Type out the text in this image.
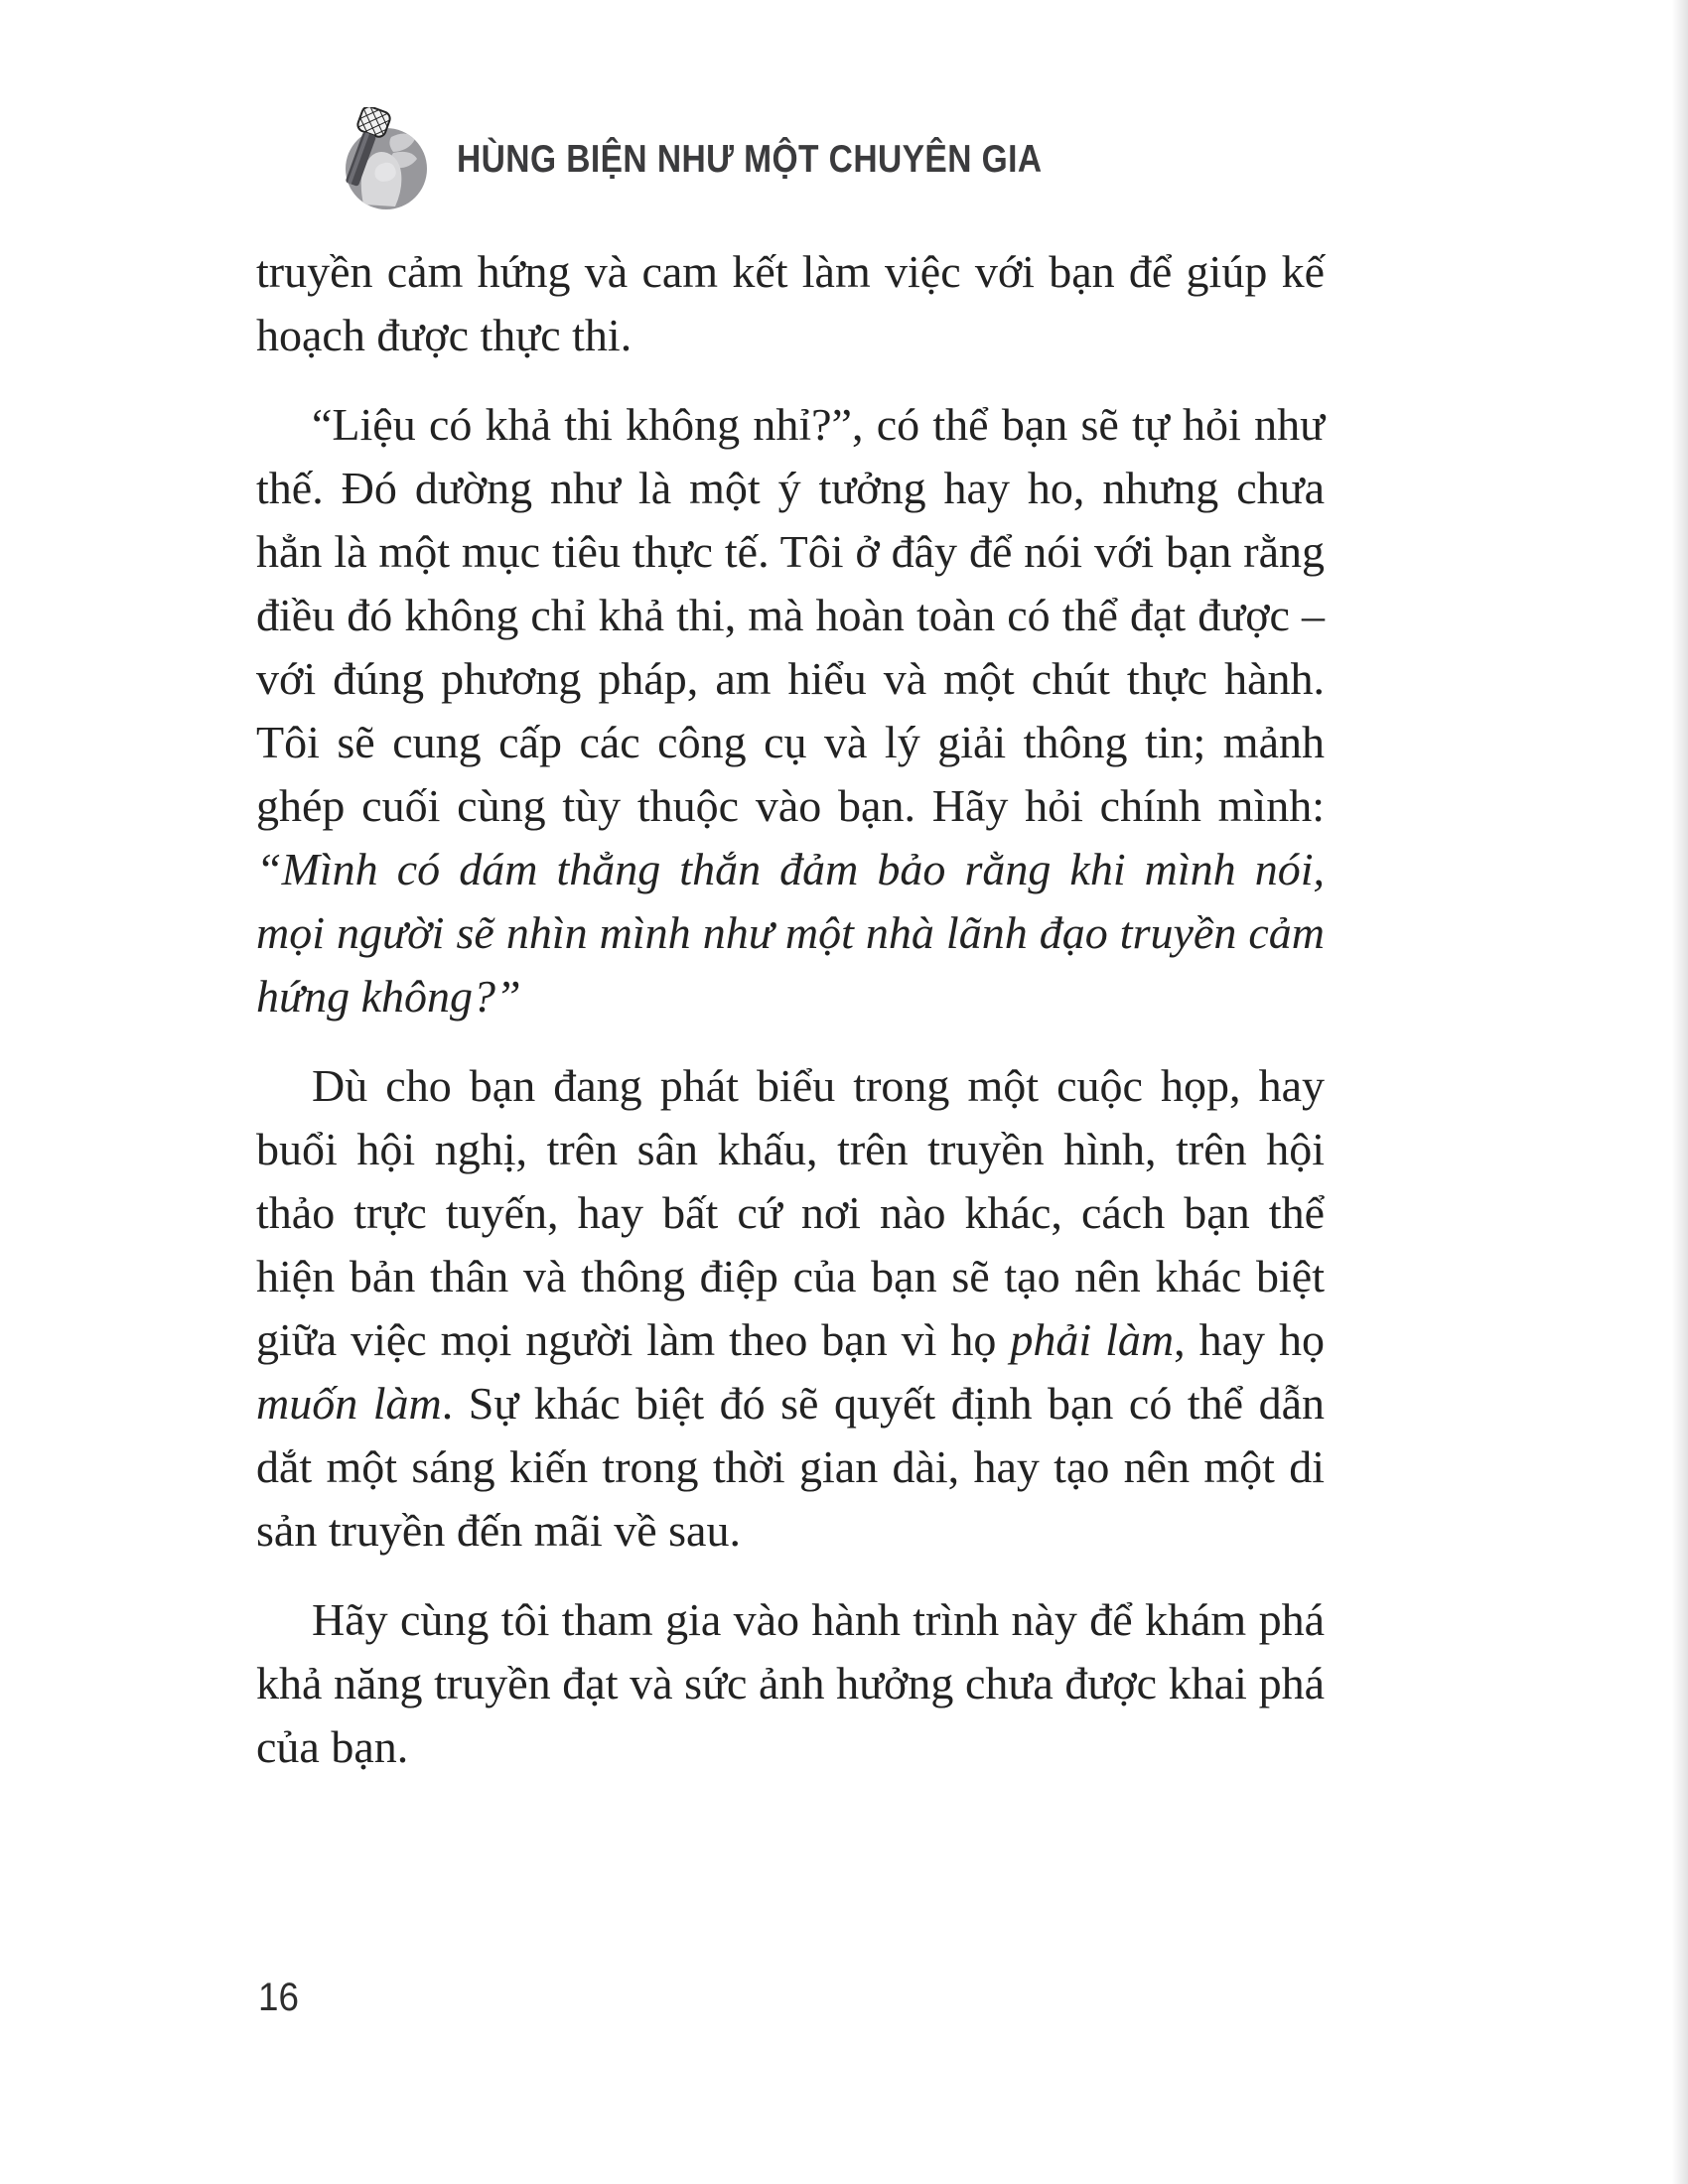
HÙNG BIỆN NHƯ MỘT CHUYÊN GIA

truyền cảm hứng và cam kết làm việc với bạn để giúp kế hoạch được thực thi.

“Liệu có khả thi không nhỉ?”, có thể bạn sẽ tự hỏi như thế. Đó dường như là một ý tưởng hay ho, nhưng chưa hẳn là một mục tiêu thực tế. Tôi ở đây để nói với bạn rằng điều đó không chỉ khả thi, mà hoàn toàn có thể đạt được – với đúng phương pháp, am hiểu và một chút thực hành. Tôi sẽ cung cấp các công cụ và lý giải thông tin; mảnh ghép cuối cùng tùy thuộc vào bạn. Hãy hỏi chính mình: “Mình có dám thẳng thắn đảm bảo rằng khi mình nói, mọi người sẽ nhìn mình như một nhà lãnh đạo truyền cảm hứng không?”

Dù cho bạn đang phát biểu trong một cuộc họp, hay buổi hội nghị, trên sân khấu, trên truyền hình, trên hội thảo trực tuyến, hay bất cứ nơi nào khác, cách bạn thể hiện bản thân và thông điệp của bạn sẽ tạo nên khác biệt giữa việc mọi người làm theo bạn vì họ phải làm, hay họ muốn làm. Sự khác biệt đó sẽ quyết định bạn có thể dẫn dắt một sáng kiến trong thời gian dài, hay tạo nên một di sản truyền đến mãi về sau.

Hãy cùng tôi tham gia vào hành trình này để khám phá khả năng truyền đạt và sức ảnh hưởng chưa được khai phá của bạn.

16
